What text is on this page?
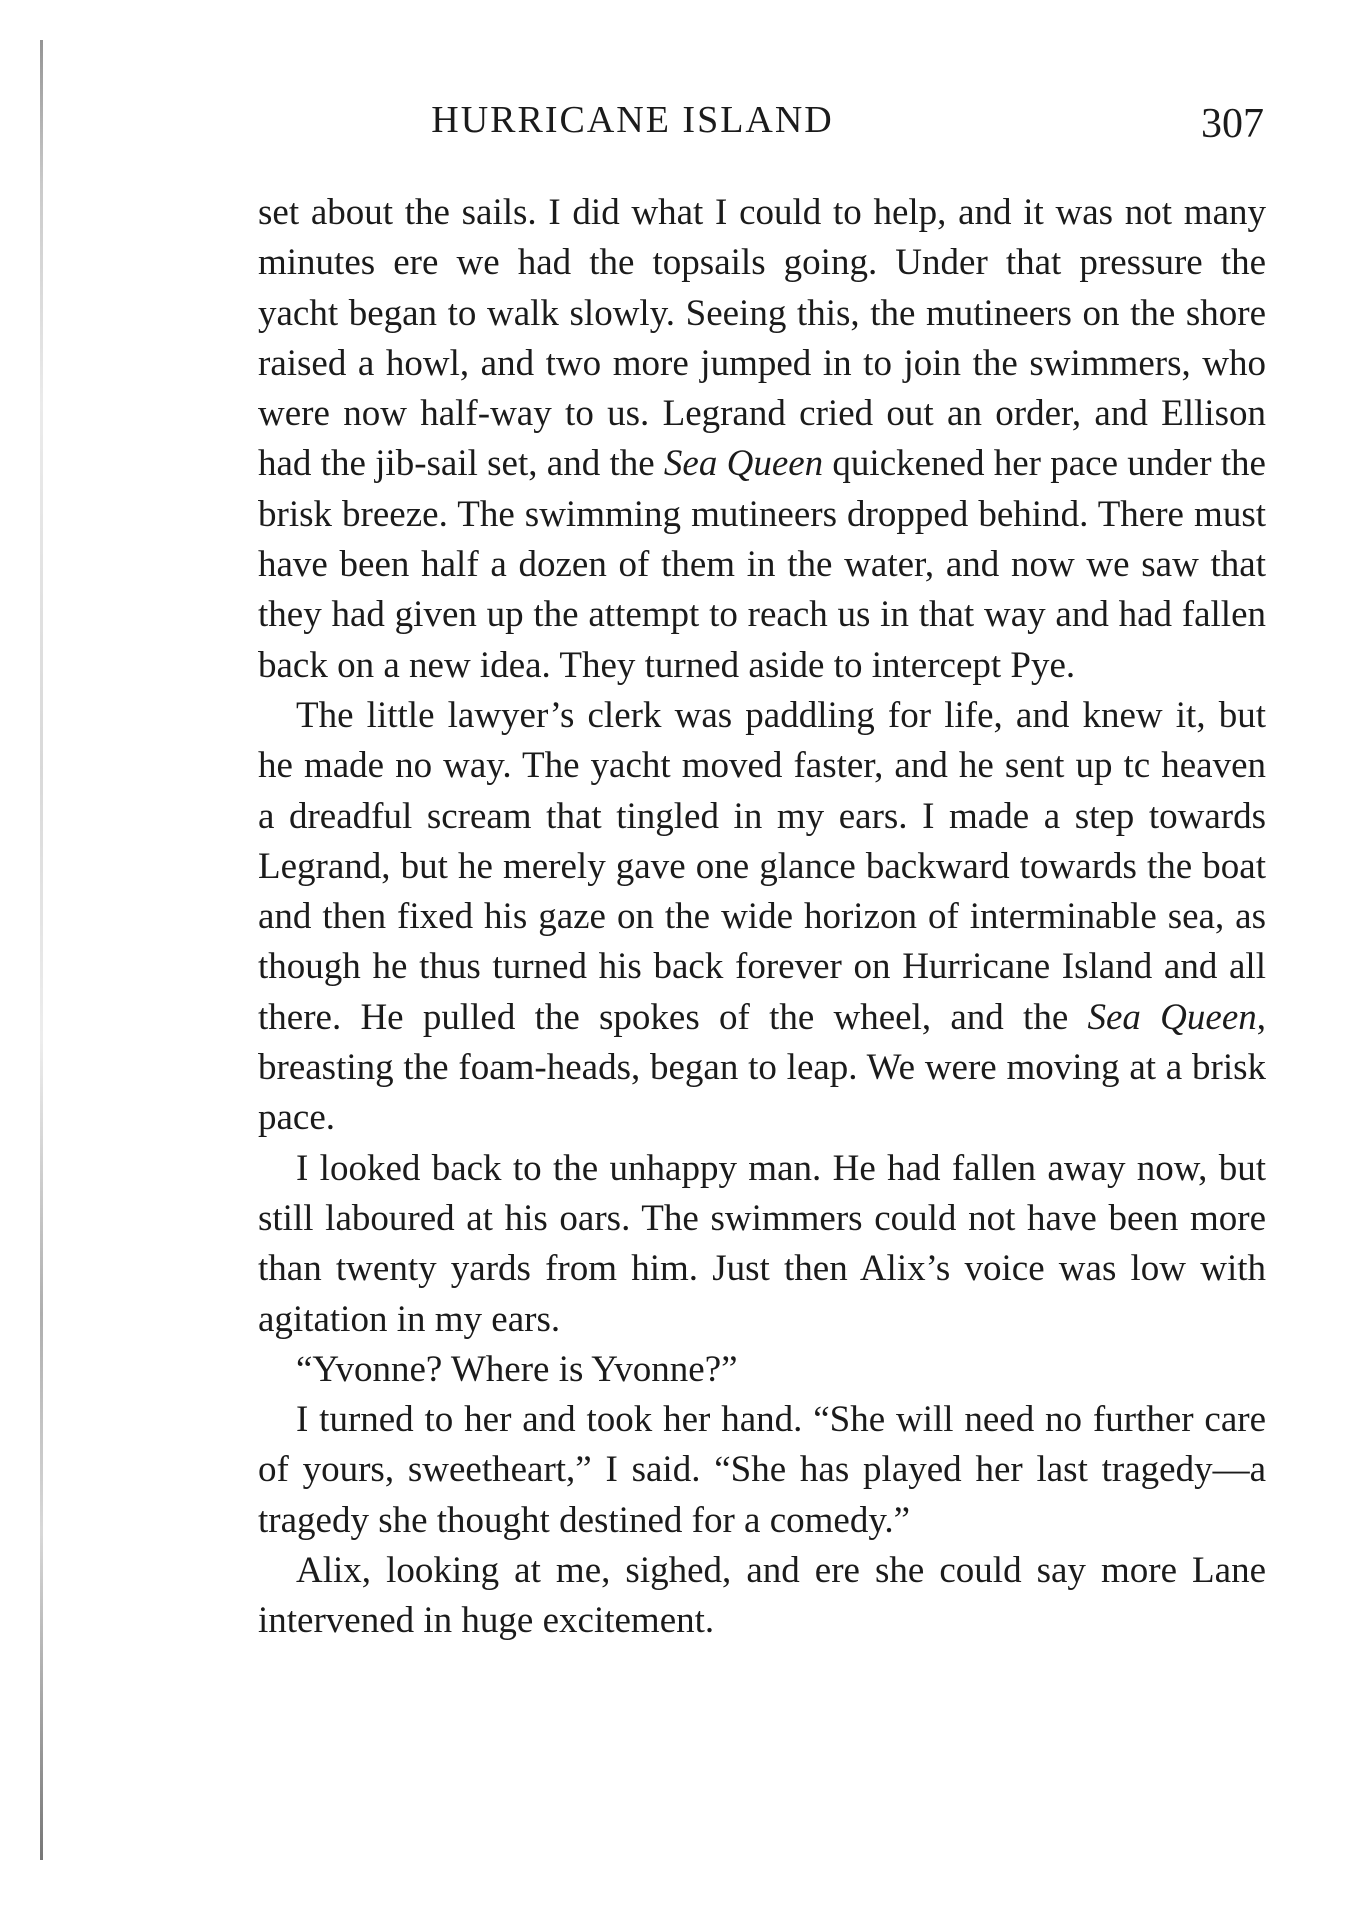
HURRICANE ISLAND	307

set about the sails. I did what I could to help, and it was not many minutes ere we had the topsails going. Under that pressure the yacht began to walk slowly. Seeing this, the mutineers on the shore raised a howl, and two more jumped in to join the swimmers, who were now half-way to us. Legrand cried out an order, and Ellison had the jib-sail set, and the Sea Queen quickened her pace under the brisk breeze. The swimming mutineers dropped behind. There must have been half a dozen of them in the water, and now we saw that they had given up the attempt to reach us in that way and had fallen back on a new idea. They turned aside to intercept Pye.

The little lawyer’s clerk was paddling for life, and knew it, but he made no way. The yacht moved faster, and he sent up tc heaven a dreadful scream that tingled in my ears. I made a step towards Legrand, but he merely gave one glance backward towards the boat and then fixed his gaze on the wide horizon of interminable sea, as though he thus turned his back forever on Hurricane Island and all there. He pulled the spokes of the wheel, and the Sea Queen, breasting the foam-heads, began to leap. We were moving at a brisk pace.

I looked back to the unhappy man. He had fallen away now, but still laboured at his oars. The swimmers could not have been more than twenty yards from him. Just then Alix’s voice was low with agitation in my ears.

“Yvonne? Where is Yvonne?”

I turned to her and took her hand. “She will need no further care of yours, sweetheart,” I said. “She has played her last tragedy—a tragedy she thought destined for a comedy.”

Alix, looking at me, sighed, and ere she could say more Lane intervened in huge excitement.
